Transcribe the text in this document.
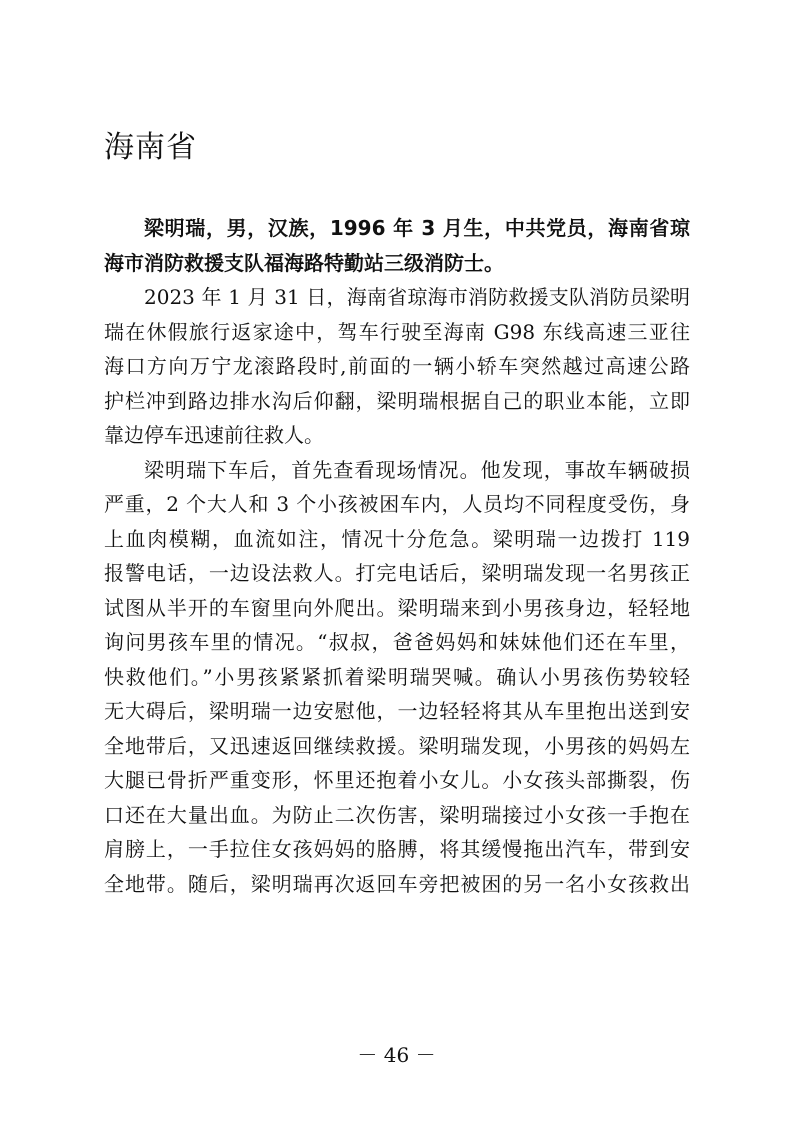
海南省
梁明瑞，男，汉族，1996 年 3 月生，中共党员，海南省琼
海市消防救援支队福海路特勤站三级消防士。
2023 年 1 月 31 日，海南省琼海市消防救援支队消防员梁明
瑞在休假旅行返家途中，驾车行驶至海南 G98 东线高速三亚往
海口方向万宁龙滚路段时,前面的一辆小轿车突然越过高速公路
护栏冲到路边排水沟后仰翻，梁明瑞根据自己的职业本能，立即
靠边停车迅速前往救人。
梁明瑞下车后，首先查看现场情况。他发现，事故车辆破损
严重，2 个大人和 3 个小孩被困车内，人员均不同程度受伤，身
上血肉模糊，血流如注，情况十分危急。梁明瑞一边拨打 119
报警电话，一边设法救人。打完电话后，梁明瑞发现一名男孩正
试图从半开的车窗里向外爬出。梁明瑞来到小男孩身边，轻轻地
询问男孩车里的情况。“叔叔，爸爸妈妈和妹妹他们还在车里，
快救他们。”小男孩紧紧抓着梁明瑞哭喊。确认小男孩伤势较轻
无大碍后，梁明瑞一边安慰他，一边轻轻将其从车里抱出送到安
全地带后，又迅速返回继续救援。梁明瑞发现，小男孩的妈妈左
大腿已骨折严重变形，怀里还抱着小女儿。小女孩头部撕裂，伤
口还在大量出血。为防止二次伤害，梁明瑞接过小女孩一手抱在
肩膀上，一手拉住女孩妈妈的胳膊，将其缓慢拖出汽车，带到安
全地带。随后，梁明瑞再次返回车旁把被困的另一名小女孩救出
－ 46 －
